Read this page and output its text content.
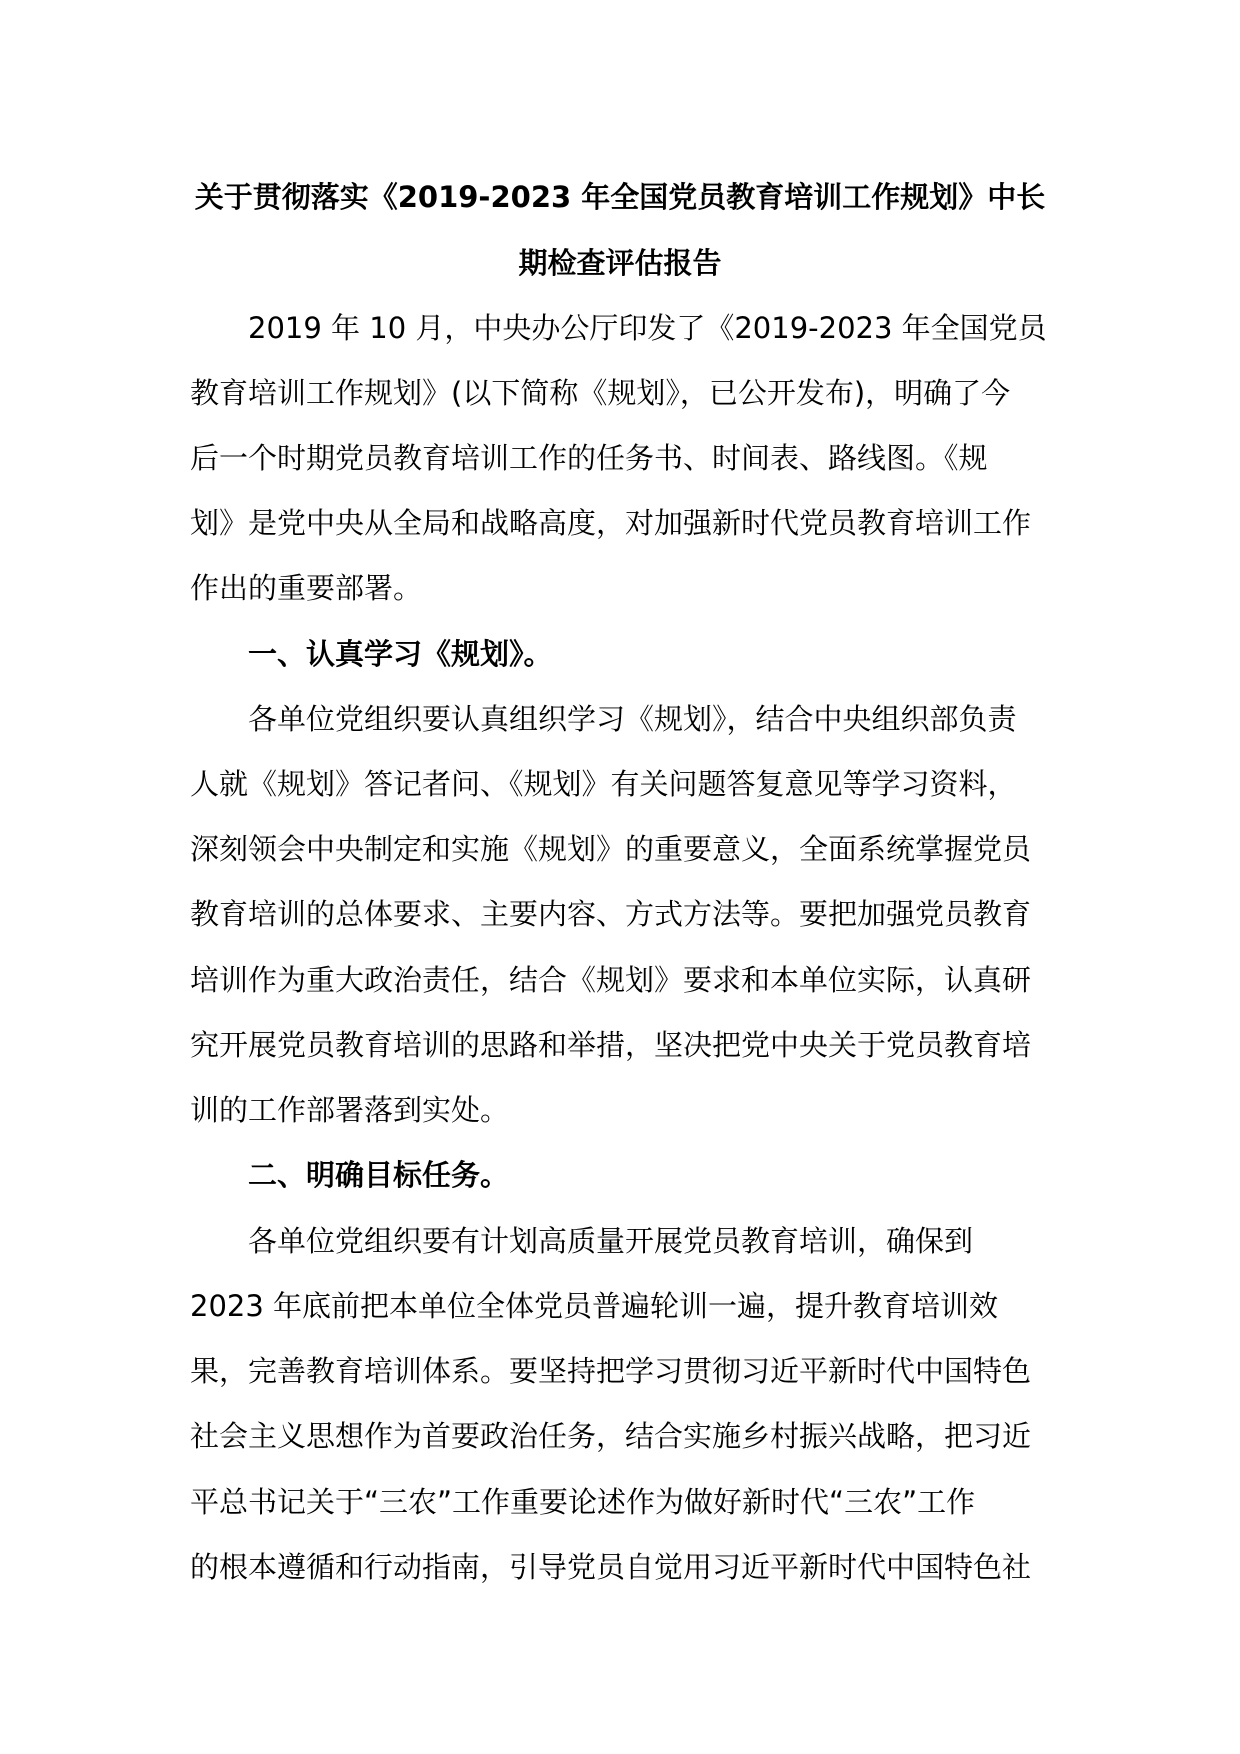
关于贯彻落实《2019-2023 年全国党员教育培训工作规划》中长
期检查评估报告
2019 年 10 月，中央办公厅印发了《2019-2023 年全国党员
教育培训工作规划》(以下简称《规划》，已公开发布)，明确了今
后一个时期党员教育培训工作的任务书、时间表、路线图。《规
划》是党中央从全局和战略高度，对加强新时代党员教育培训工作
作出的重要部署。
一、认真学习《规划》。
各单位党组织要认真组织学习《规划》，结合中央组织部负责
人就《规划》答记者问、《规划》有关问题答复意见等学习资料，
深刻领会中央制定和实施《规划》的重要意义，全面系统掌握党员
教育培训的总体要求、主要内容、方式方法等。要把加强党员教育
培训作为重大政治责任，结合《规划》要求和本单位实际，认真研
究开展党员教育培训的思路和举措，坚决把党中央关于党员教育培
训的工作部署落到实处。
二、明确目标任务。
各单位党组织要有计划高质量开展党员教育培训，确保到
2023 年底前把本单位全体党员普遍轮训一遍，提升教育培训效
果，完善教育培训体系。要坚持把学习贯彻习近平新时代中国特色
社会主义思想作为首要政治任务，结合实施乡村振兴战略，把习近
平总书记关于“三农”工作重要论述作为做好新时代“三农”工作
的根本遵循和行动指南，引导党员自觉用习近平新时代中国特色社
